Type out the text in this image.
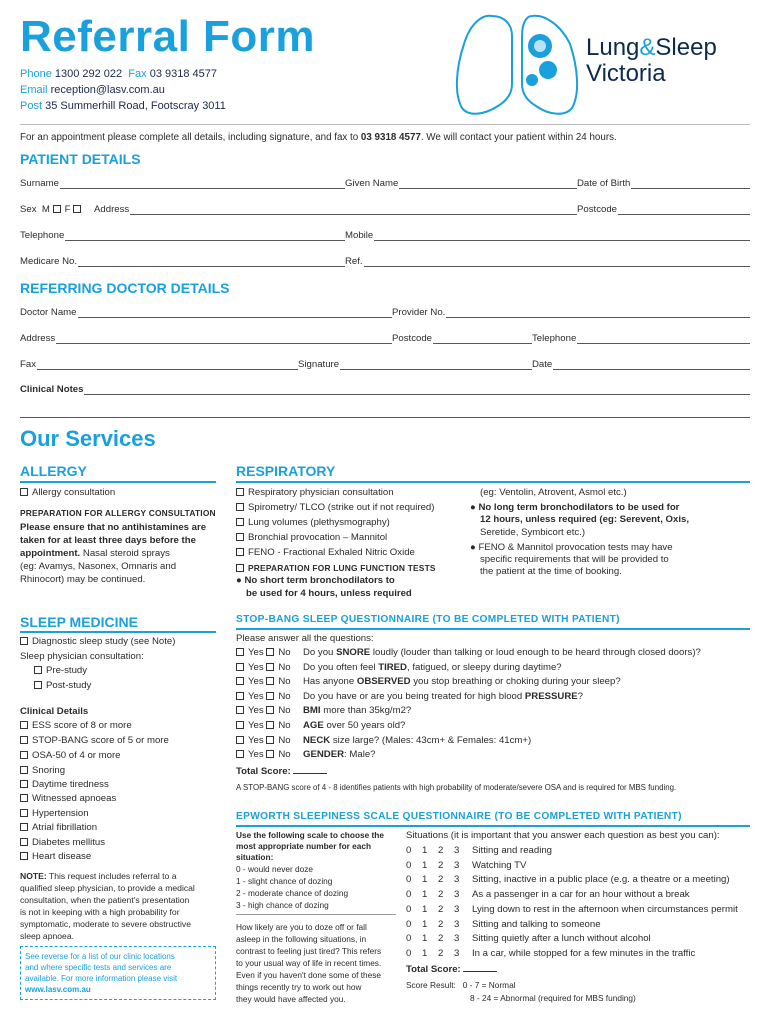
Referral Form
Phone 1300 292 022 Fax 03 9318 4577
Email reception@lasv.com.au
Post 35 Summerhill Road, Footscray 3011
Lung&Sleep
Victoria
For an appointment please complete all details, including signature, and fax to 03 9318 4577. We will contact your patient within 24 hours.
PATIENT DETAILS
Surname	Given Name	Date of Birth
Sex M F	Address	Postcode
Telephone	Mobile
Medicare No.	Ref.
REFERRING DOCTOR DETAILS
Doctor Name	Provider No.
Address	Postcode	Telephone
Fax	Signature	Date
Clinical Notes
Our Services
ALLERGY
Allergy consultation
PREPARATION FOR ALLERGY CONSULTATION
Please ensure that no antihistamines are
taken for at least three days before the
appointment. Nasal steroid sprays
(eg: Avamys, Nasonex, Omnaris and
Rhinocort) may be continued.
RESPIRATORY
Respiratory physician consultation
Spirometry/ TLCO (strike out if not required)
Lung volumes (plethysmography)
Bronchial provocation – Mannitol
FENO - Fractional Exhaled Nitric Oxide
PREPARATION FOR LUNG FUNCTION TESTS
● No short term bronchodilators to
be used for 4 hours, unless required
(eg: Ventolin, Atrovent, Asmol etc.)
● No long term bronchodilators to be used for
12 hours, unless required (eg: Serevent, Oxis,
Seretide, Symbicort etc.)
● FENO & Mannitol provocation tests may have
specific requirements that will be provided to
the patient at the time of booking.
SLEEP MEDICINE
Diagnostic sleep study (see Note)
Sleep physician consultation:
Pre-study
Post-study
Clinical Details
ESS score of 8 or more
STOP-BANG score of 5 or more
OSA-50 of 4 or more
Snoring
Daytime tiredness
Witnessed apnoeas
Hypertension
Atrial fibrillation
Diabetes mellitus
Heart disease
NOTE: This request includes referral to a
qualified sleep physician, to provide a medical
consultation, when the patient's presentation
is not in keeping with a high probability for
symptomatic, moderate to severe obstructive
sleep apnoea.
See reverse for a list of our clinic locations
and where specific tests and services are
available. For more information please visit
www.lasv.com.au
STOP-BANG SLEEP QUESTIONNAIRE (TO BE COMPLETED WITH PATIENT)
Please answer all the questions:
Yes No Do you SNORE loudly (louder than talking or loud enough to be heard through closed doors)?
Yes No Do you often feel TIRED, fatigued, or sleepy during daytime?
Yes No Has anyone OBSERVED you stop breathing or choking during your sleep?
Yes No Do you have or are you being treated for high blood PRESSURE?
Yes No BMI more than 35kg/m2?
Yes No AGE over 50 years old?
Yes No NECK size large? (Males: 43cm+ & Females: 41cm+)
Yes No GENDER: Male?
Total Score:
A STOP-BANG score of 4 - 8 identifies patients with high probability of moderate/severe OSA and is required for MBS funding.
EPWORTH SLEEPINESS SCALE QUESTIONNAIRE (TO BE COMPLETED WITH PATIENT)
Use the following scale to choose the
most appropriate number for each
situation:
0 - would never doze
1 - slight chance of dozing
2 - moderate chance of dozing
3 - high chance of dozing
How likely are you to doze off or fall
asleep in the following situations, in
contrast to feeling just tired? This refers
to your usual way of life in recent times.
Even if you haven't done some of these
things recently try to work out how
they would have affected you.
Situations (it is important that you answer each question as best you can):
0 1 2 3 Sitting and reading
0 1 2 3 Watching TV
0 1 2 3 Sitting, inactive in a public place (e.g. a theatre or a meeting)
0 1 2 3 As a passenger in a car for an hour without a break
0 1 2 3 Lying down to rest in the afternoon when circumstances permit
0 1 2 3 Sitting and talking to someone
0 1 2 3 Sitting quietly after a lunch without alcohol
0 1 2 3 In a car, while stopped for a few minutes in the traffic
Total Score:
Score Result: 0 - 7 = Normal
8 - 24 = Abnormal (required for MBS funding)
